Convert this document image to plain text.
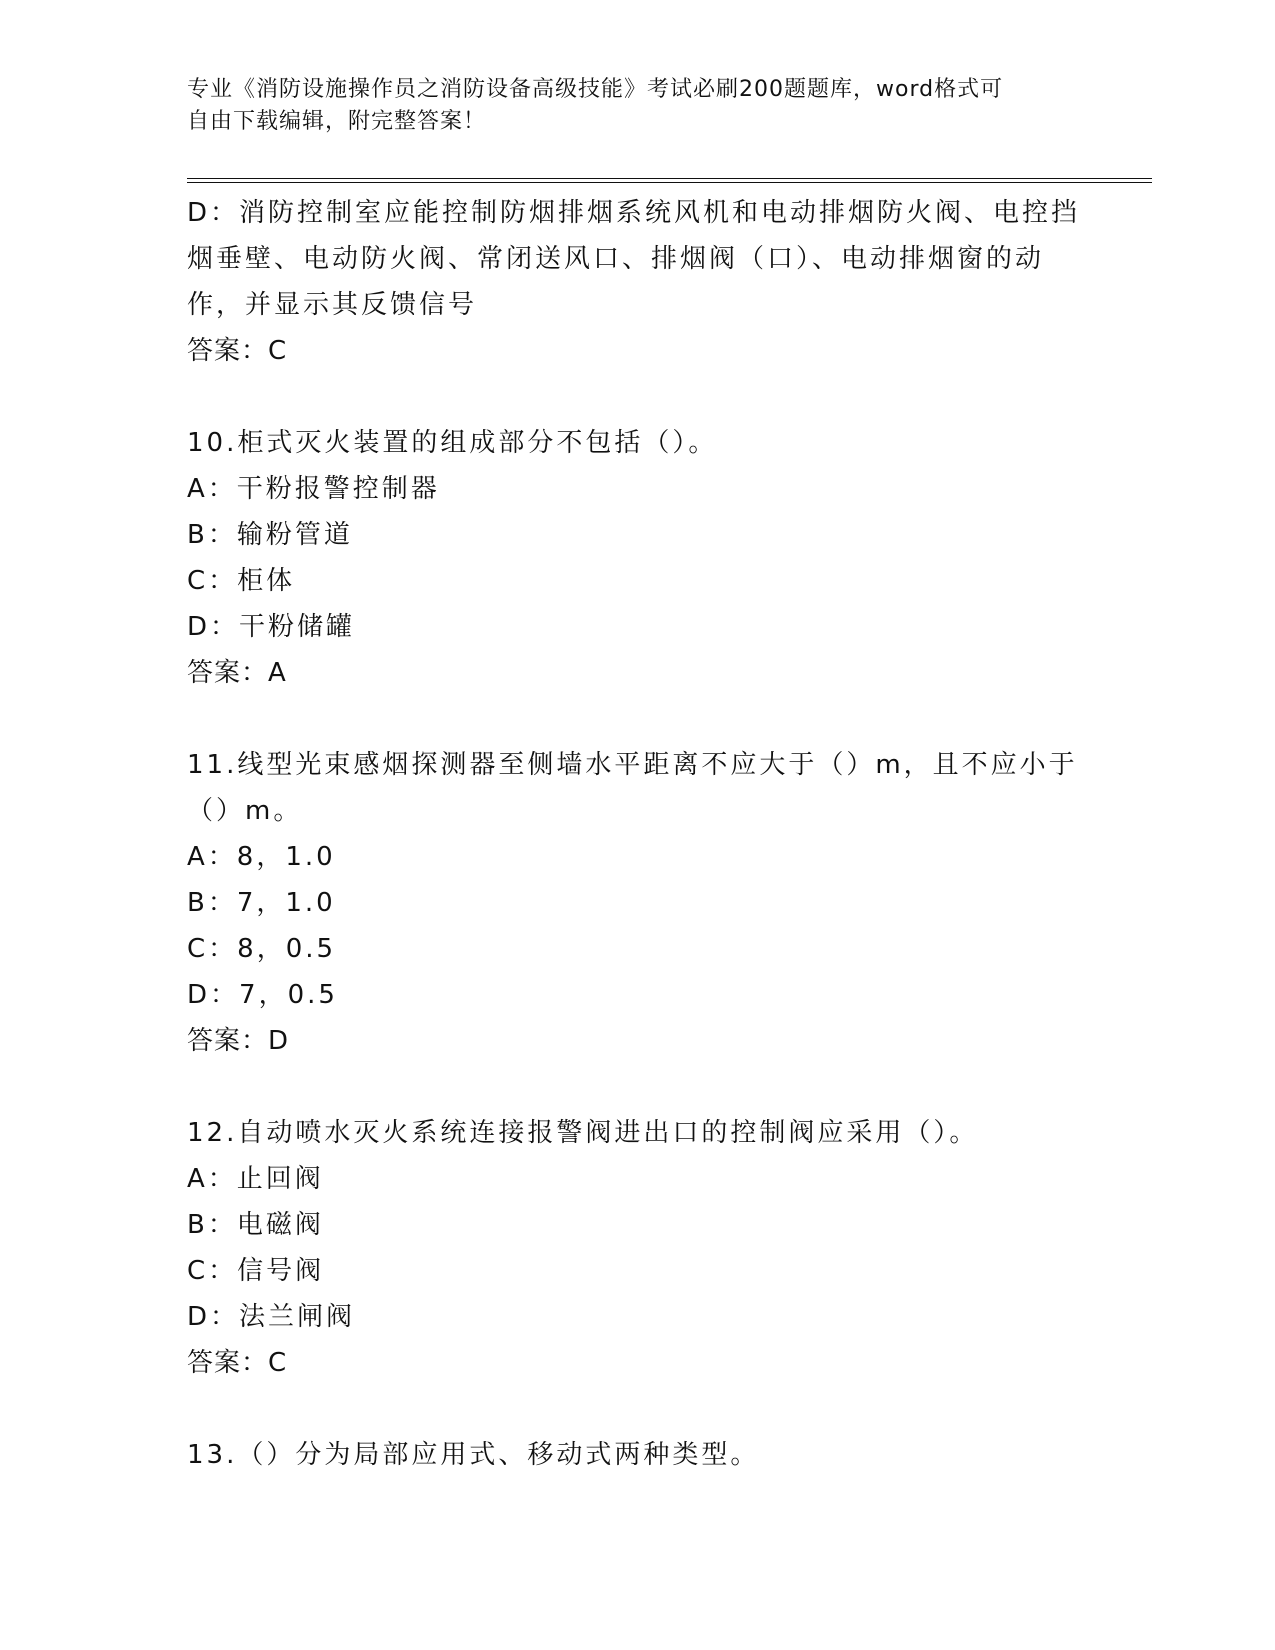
专业《消防设施操作员之消防设备高级技能》考试必刷200题题库，word格式可
自由下载编辑，附完整答案！
D：消防控制室应能控制防烟排烟系统风机和电动排烟防火阀、电控挡
烟垂壁、电动防火阀、常闭送风口、排烟阀（口）、电动排烟窗的动
作，并显示其反馈信号
答案：C
10.柜式灭火装置的组成部分不包括（）。
A：干粉报警控制器
B：输粉管道
C：柜体
D：干粉储罐
答案：A
11.线型光束感烟探测器至侧墙水平距离不应大于（）m，且不应小于
（）m。
A：8，1.0
B：7，1.0
C：8，0.5
D：7，0.5
答案：D
12.自动喷水灭火系统连接报警阀进出口的控制阀应采用（）。
A：止回阀
B：电磁阀
C：信号阀
D：法兰闸阀
答案：C
13.（）分为局部应用式、移动式两种类型。
